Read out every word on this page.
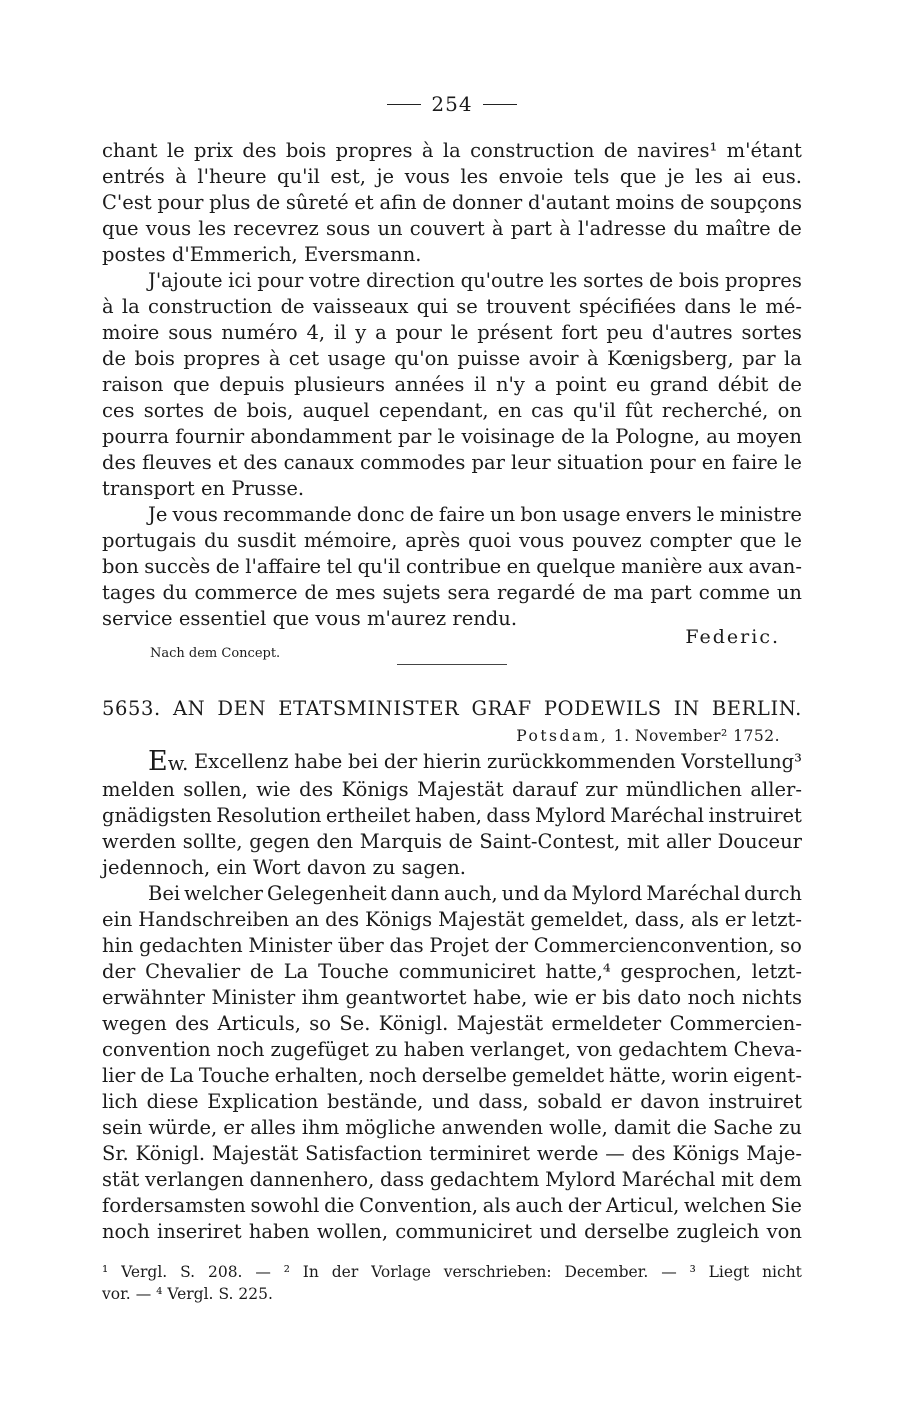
254
chant le prix des bois propres à la construction de navires¹ m'étant
entrés à l'heure qu'il est, je vous les envoie tels que je les ai eus.
C'est pour plus de sûreté et afin de donner d'autant moins de soupçons
que vous les recevrez sous un couvert à part à l'adresse du maître de
postes d'Emmerich, Eversmann.
J'ajoute ici pour votre direction qu'outre les sortes de bois propres
à la construction de vaisseaux qui se trouvent spécifiées dans le mé-
moire sous numéro 4, il y a pour le présent fort peu d'autres sortes
de bois propres à cet usage qu'on puisse avoir à Kœnigsberg, par la
raison que depuis plusieurs années il n'y a point eu grand débit de
ces sortes de bois, auquel cependant, en cas qu'il fût recherché, on
pourra fournir abondamment par le voisinage de la Pologne, au moyen
des fleuves et des canaux commodes par leur situation pour en faire le
transport en Prusse.
Je vous recommande donc de faire un bon usage envers le ministre
portugais du susdit mémoire, après quoi vous pouvez compter que le
bon succès de l'affaire tel qu'il contribue en quelque manière aux avan-
tages du commerce de mes sujets sera regardé de ma part comme un
service essentiel que vous m'aurez rendu.
Federic.
Nach dem Concept.
5653. AN DEN ETATSMINISTER GRAF PODEWILS IN BERLIN.
Potsdam, 1. November² 1752.
Ew. Excellenz habe bei der hierin zurückkommenden Vorstellung³
melden sollen, wie des Königs Majestät darauf zur mündlichen aller-
gnädigsten Resolution ertheilet haben, dass Mylord Maréchal instruiret
werden sollte, gegen den Marquis de Saint-Contest, mit aller Douceur
jedennoch, ein Wort davon zu sagen.
Bei welcher Gelegenheit dann auch, und da Mylord Maréchal durch
ein Handschreiben an des Königs Majestät gemeldet, dass, als er letzt-
hin gedachten Minister über das Projet der Commercienconvention, so
der Chevalier de La Touche communiciret hatte,⁴ gesprochen, letzt-
erwähnter Minister ihm geantwortet habe, wie er bis dato noch nichts
wegen des Articuls, so Se. Königl. Majestät ermeldeter Commercien-
convention noch zugefüget zu haben verlanget, von gedachtem Cheva-
lier de La Touche erhalten, noch derselbe gemeldet hätte, worin eigent-
lich diese Explication bestände, und dass, sobald er davon instruiret
sein würde, er alles ihm mögliche anwenden wolle, damit die Sache zu
Sr. Königl. Majestät Satisfaction terminiret werde — des Königs Maje-
stät verlangen dannenhero, dass gedachtem Mylord Maréchal mit dem
fordersamsten sowohl die Convention, als auch der Articul, welchen Sie
noch inseriret haben wollen, communiciret und derselbe zugleich von
¹ Vergl. S. 208. — ² In der Vorlage verschrieben: December. — ³ Liegt nicht
vor. — ⁴ Vergl. S. 225.
